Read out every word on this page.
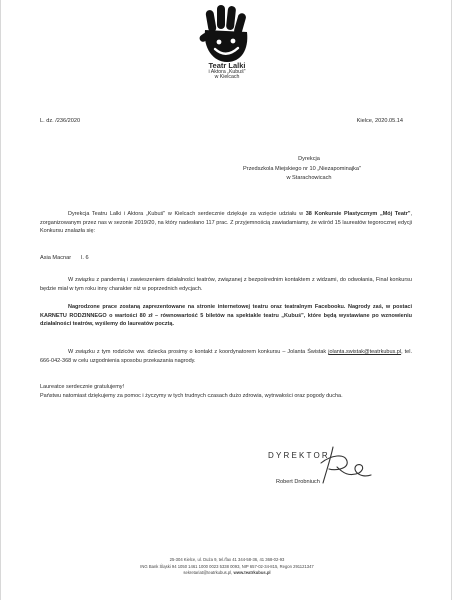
Teatr Lalki
i Aktora „Kubuś"
w Kielcach
L. dz. /236/2020	Kielce, 2020.05.14
Dyrekcja
Przedszkola Miejskiego nr 10 „Niezapominajka"
w Starachowicach

Dyrekcja Teatru Lalki i Aktora „Kubuś" w Kielcach serdecznie dziękuje za wzięcie udziału w 38 Konkursie Plastycznym „Mój Teatr", zorganizowanym przez nas w sezonie 2019/20, na który nadesłano 117 prac. Z przyjemnością zawiadamiamy, że wśród 15 laureatów tegorocznej edycji Konkursu znalazła się:

Asia Macnar l. 6

W związku z pandemią i zawieszeniem działalności teatrów, związanej z bezpośrednim kontaktem z widzami, do odwołania, Finał konkursu będzie miał w tym roku inny charakter niż w poprzednich edycjach.

Nagrodzone prace zostaną zaprezentowane na stronie internetowej teatru oraz teatralnym Facebooku. Nagrody zaś, w postaci KARNETU RODZINNEGO o wartości 80 zł – równowartość 5 biletów na spektakle teatru „Kubuś", które będą wystawiane po wznowieniu działalności teatrów, wyślemy do laureatów pocztą.

W związku z tym rodziców ww. dziecka prosimy o kontakt z koordynatorem konkursu – Jolanta Świstak jolanta.swistak@teatrkubus.pl, tel. 666-042-368 w celu uzgodnienia sposobu przekazania nagrody.

Laureatce serdecznie gratulujemy!

Państwu natomiast dziękujemy za pomoc i życzymy w tych trudnych czasach dużo zdrowia, wytrwałości oraz pogody ducha.

DYREKTOR
Robert Drobniuch
25-304 Kielce, ul. Duża 9, tel./fax 41 344-58-36, 41 368-02-93
ING Bank Śląski 94 1050 1461 1000 0023 5338 0093, NIP 657-02-34-815, Regon 291121347
sekretariat@teatrkubus.pl, www.teatrkubus.pl
